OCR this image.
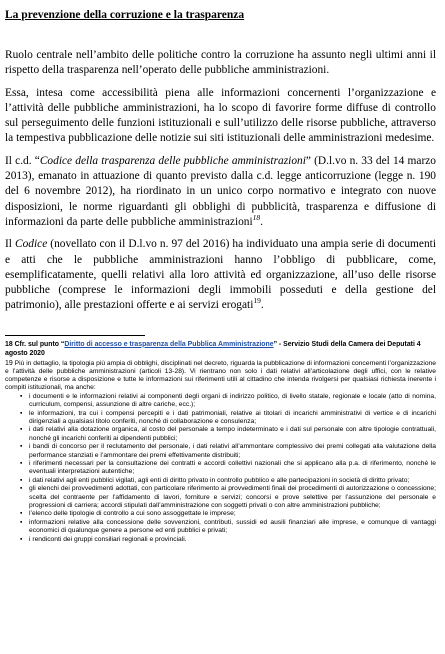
La prevenzione della corruzione e la trasparenza

Ruolo centrale nell’ambito delle politiche contro la corruzione ha assunto negli ultimi anni il rispetto della trasparenza nell’operato delle pubbliche amministrazioni.

Essa, intesa come accessibilità piena alle informazioni concernenti l’organizzazione e l’attività delle pubbliche amministrazioni, ha lo scopo di favorire forme diffuse di controllo sul perseguimento delle funzioni istituzionali e sull’utilizzo delle risorse pubbliche, attraverso la tempestiva pubblicazione delle notizie sui siti istituzionali delle amministrazioni medesime.

Il c.d. “Codice della trasparenza delle pubbliche amministrazioni” (D.l.vo n. 33 del 14 marzo 2013), emanato in attuazione di quanto previsto dalla c.d. legge anticorruzione (legge n. 190 del 6 novembre 2012), ha riordinato in un unico corpo normativo e integrato con nuove disposizioni, le norme riguardanti gli obblighi di pubblicità, trasparenza e diffusione di informazioni da parte delle pubbliche amministrazioni$^{18}$.

Il Codice (novellato con il D.l.vo n. 97 del 2016) ha individuato una ampia serie di documenti e atti che le pubbliche amministrazioni hanno l’obbligo di pubblicare, come, esemplificatamente, quelli relativi alla loro attività ed organizzazione, all’uso delle risorse pubbliche (comprese le informazioni degli immobili posseduti e della gestione del patrimonio), alle prestazioni offerte e ai servizi erogati$^{19}$.

18 Cfr. sul punto “Diritto di accesso e trasparenza della Pubblica Amministrazione” - Servizio Studi della Camera dei Deputati 4 agosto 2020

19 Più in dettaglio, la tipologia più ampia di obblighi, disciplinati nel decreto, riguarda la pubblicazione di informazioni concernenti l’organizzazione e l’attività delle pubbliche amministrazioni (articoli 13-28). Vi rientrano non solo i dati relativi all’articolazione degli uffici, con le relative competenze e risorse a disposizione e tutte le informazioni sui riferimenti utili al cittadino che intenda rivolgersi per qualsiasi richiesta inerente i compiti istituzionali, ma anche:

▪ i documenti e le informazioni relativi ai componenti degli organi di indirizzo politico, di livello statale, regionale e locale (atto di nomina, curriculum, compensi, assunzione di altre cariche, ecc.);
▪ le informazioni, tra cui i compensi percepiti e i dati patrimoniali, relative ai titolari di incarichi amministrativi di vertice e di incarichi dirigenziali a qualsiasi titolo conferiti, nonché di collaborazione e consulenza;
▪ i dati relativi alla dotazione organica, al costo del personale a tempo indeterminato e i dati sul personale con altre tipologie contrattuali, nonché gli incarichi conferiti ai dipendenti pubblici;
▪ i bandi di concorso per il reclutamento del personale, i dati relativi all’ammontare complessivo dei premi collegati alla valutazione della performance stanziati e l’ammontare dei premi effettivamente distribuiti;
▪ i riferimenti necessari per la consultazione dei contratti e accordi collettivi nazionali che si applicano alla p.a. di riferimento, nonché le eventuali interpretazioni autentiche;
▪ i dati relativi agli enti pubblici vigilati, agli enti di diritto privato in controllo pubblico e alle partecipazioni in società di diritto privato;
▪ gli elenchi dei provvedimenti adottati, con particolare riferimento ai provvedimenti finali dei procedimenti di autorizzazione o concessione; scelta del contraente per l’affidamento di lavori, forniture e servizi; concorsi e prove selettive per l’assunzione del personale e progressioni di carriera; accordi stipulati dall’amministrazione con soggetti privati o con altre amministrazioni pubbliche;
▪ l’elenco delle tipologie di controllo a cui sono assoggettate le imprese;
▪ informazioni relative alla concessione delle sovvenzioni, contributi, sussidi ed ausili finanziari alle imprese, e comunque di vantaggi economici di qualunque genere a persone ed enti pubblici e privati;
▪ i rendiconti dei gruppi consiliari regionali e provinciali.
